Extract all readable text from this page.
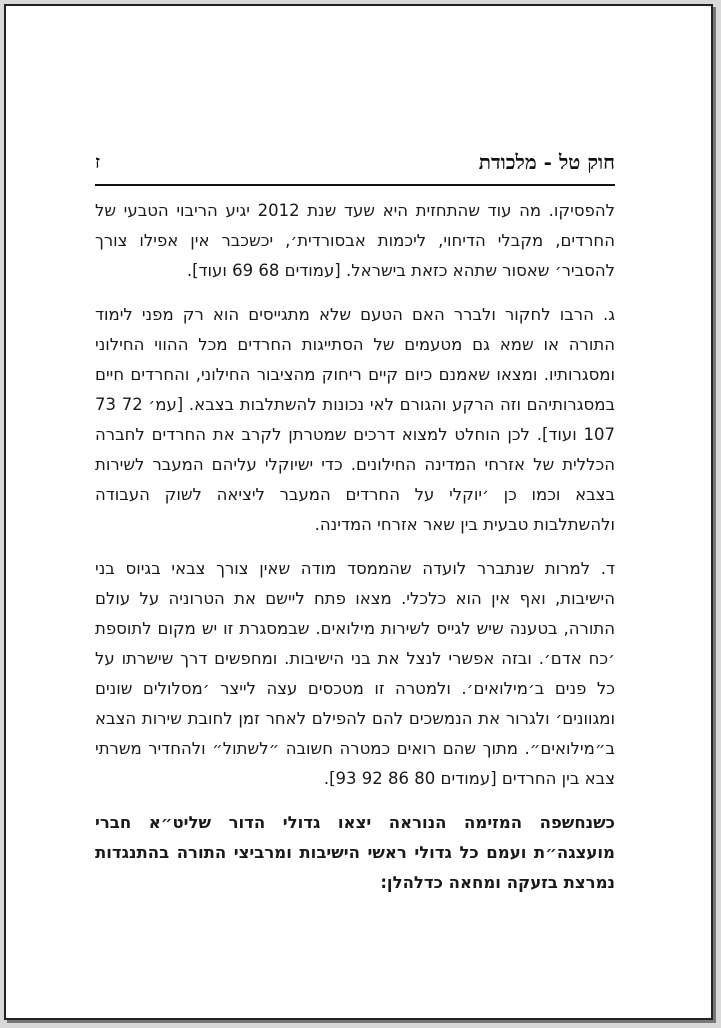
חוק טל - מלכודת
ז

להפסיקו. מה עוד שהתחזית היא שעד שנת 2012 יגיע הריבוי הטבעי של החרדים, מקבלי הדיחוי, ליכמות אבסורדית׳, יכשכבר אין אפילו צורך להסביר׳ שאסור שתהא כזאת בישראל. [עמודים 68 69 ועוד].

ג. הרבו לחקור ולברר האם הטעם שלא מתגייסים הוא רק מפני לימוד התורה או שמא גם מטעמים של הסתייגות החרדים מכל ההווי החילוני ומסגרותיו. ומצאו שאמנם כיום קיים ריחוק מהציבור החילוני, והחרדים חיים במסגרותיהם וזה הרקע והגורם לאי נכונות להשתלבות בצבא. [עמ׳ 72 73 107 ועוד]. לכן הוחלט למצוא דרכים שמטרתן לקרב את החרדים לחברה הכללית של אזרחי המדינה החילונים. כדי ישיוקלי עליהם המעבר לשירות בצבא וכמו כן ׳יוקלי על החרדים המעבר ליציאה לשוק העבודה ולהשתלבות טבעית בין שאר אזרחי המדינה.

ד. למרות שנתברר לועדה שהממסד מודה שאין צורך צבאי בגיוס בני הישיבות, ואף אין הוא כלכלי. מצאו פתח ליישם את הטרוניה על עולם התורה, בטענה שיש לגייס לשירות מילואים. שבמסגרת זו יש מקום לתוספת ׳כח אדם׳. ובזה אפשרי לנצל את בני הישיבות. ומחפשים דרך שישרתו על כל פנים ב׳מילואים׳. ולמטרה זו מטכסים עצה לייצר ׳מסלולים שונים ומגוונים׳ ולגרור את הנמשכים להם להפילם לאחר זמן לחובת שירות הצבא ב״מילואים״. מתוך שהם רואים כמטרה חשובה ״לשתול״ ולהחדיר משרתי צבא בין החרדים [עמודים 80 86 92 93].

כשנחשפה המזימה הנוראה יצאו גדולי הדור שליט״א חברי מועצגה״ת ועמם כל גדולי ראשי הישיבות ומרביצי התורה בהתנגדות נמרצת בזעקה ומחאה כדלהלן:
